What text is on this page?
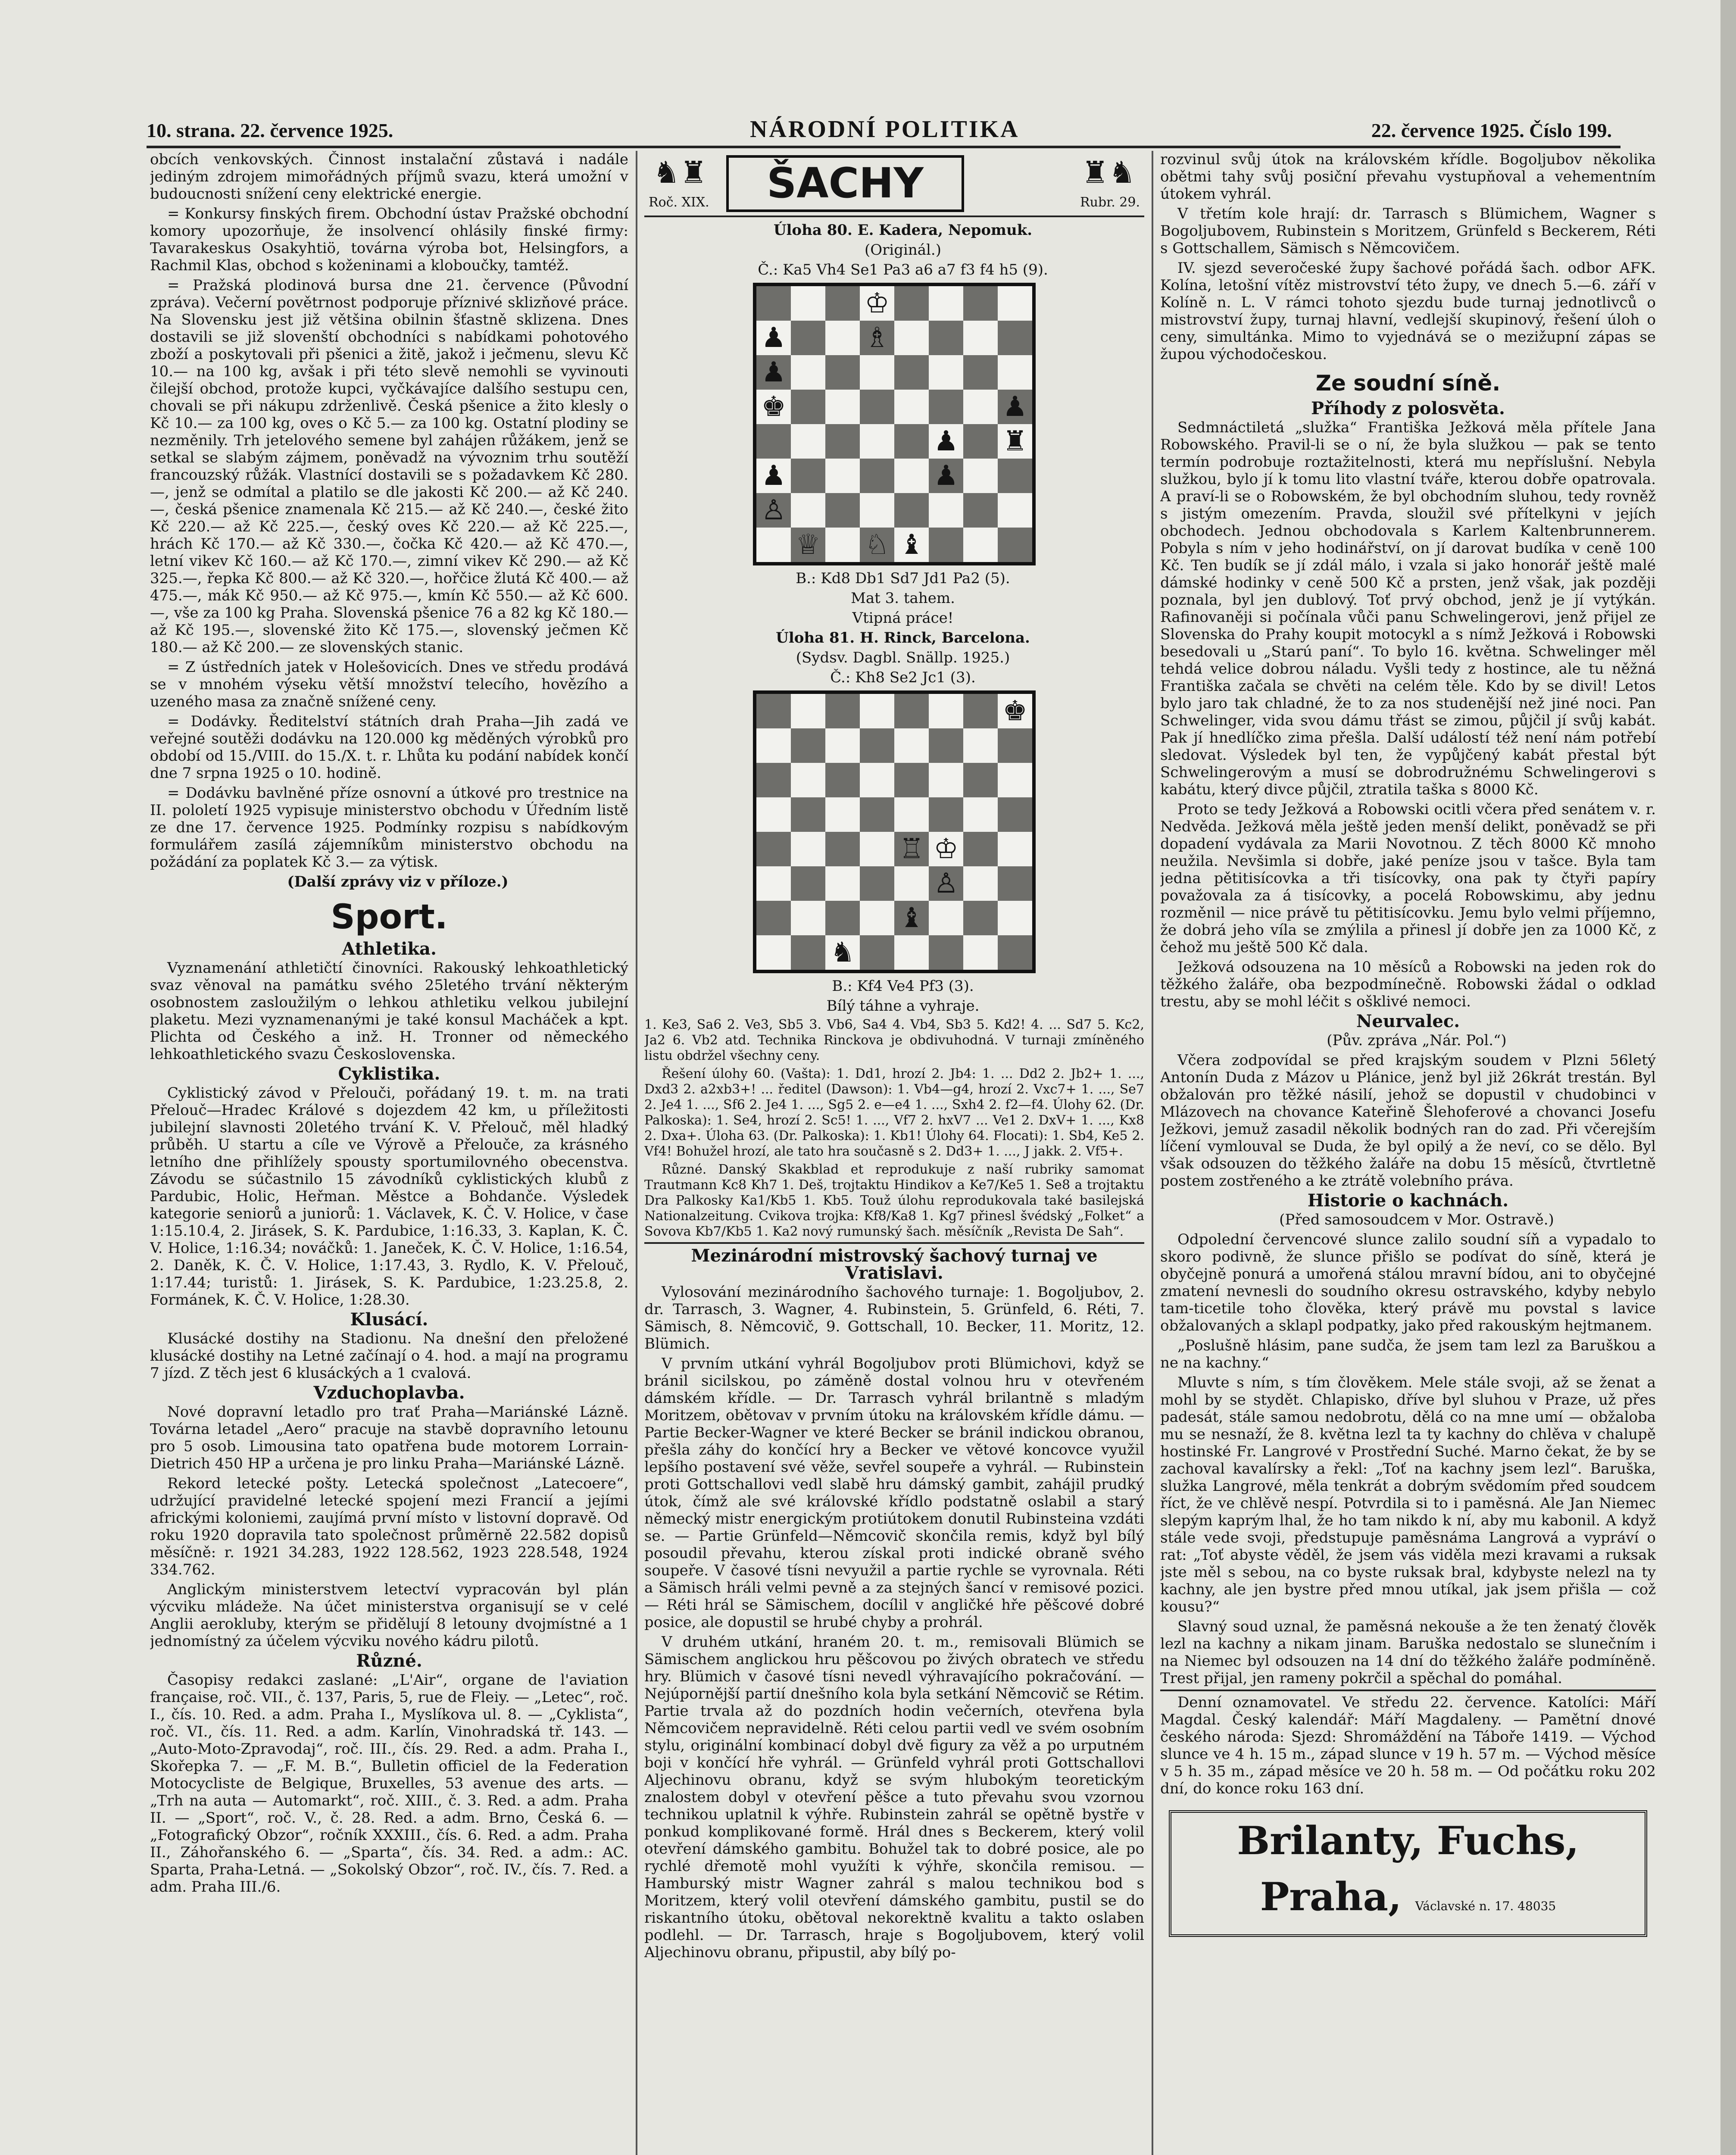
10. strana. 22. července 1925.	NÁRODNÍ POLITIKA	22. července 1925. Číslo 199.

obcích venkovských. Činnost instalační zůstavá i nadále jediným zdrojem mimořádných příjmů svazu, která umožní v budoucnosti snížení ceny elektrické energie.

= Konkursy finských firem. Obchodní ústav Pražské obchodní komory upozorňuje, že insolvencí ohlásily finské firmy: Tavarakeskus Osakyhtiö, továrna výroba bot, Helsingfors, a Rachmil Klas, obchod s koženinami a kloboučky, tamtéž.

= Pražská plodinová bursa dne 21. července (Původní zpráva). Večerní povětrnost podporuje příznivé sklizňové práce. Na Slovensku jest již většina obilnin šťastně sklizena. Dnes dostavili se již slovenští obchodníci s nabídkami pohotového zboží a poskytovali při pšenici a žitě, jakož i ječmenu, slevu Kč 10.— na 100 kg, avšak i při této slevě nemohli se vyvinouti čilejší obchod, protože kupci, vyčkávajíce dalšího sestupu cen, chovali se při nákupu zdrženlivě. Česká pšenice a žito klesly o Kč 10.— za 100 kg, oves o Kč 5.— za 100 kg. Ostatní plodiny se nezměnily. Trh jetelového semene byl zahájen růžákem, jenž se setkal se slabým zájmem, poněvadž na vývoznim trhu soutěží francouzský růžák. Vlastnící dostavili se s požadavkem Kč 280.—, jenž se odmítal a platilo se dle jakosti Kč 200.— až Kč 240.—, česká pšenice znamenala Kč 215.— až Kč 240.—, české žito Kč 220.— až Kč 225.—, český oves Kč 220.— až Kč 225.—, hrách Kč 170.— až Kč 330.—, čočka Kč 420.— až Kč 470.—, letní vikev Kč 160.— až Kč 170.—, zimní vikev Kč 290.— až Kč 325.—, řepka Kč 800.— až Kč 320.—, hořčice žlutá Kč 400.— až 475.—, mák Kč 950.— až Kč 975.—, kmín Kč 550.— až Kč 600.—, vše za 100 kg Praha. Slovenská pšenice 76 a 82 kg Kč 180.— až Kč 195.—, slovenské žito Kč 175.—, slovenský ječmen Kč 180.— až Kč 200.— ze slovenských stanic.

= Z ústředních jatek v Holešovicích. Dnes ve středu prodává se v mnohém výseku větší množství telecího, hovězího a uzeného masa za značně snížené ceny.

= Dodávky. Ředitelství státních drah Praha—Jih zadá ve veřejné soutěži dodávku na 120.000 kg měděných výrobků pro období od 15./VIII. do 15./X. t. r. Lhůta ku podání nabídek končí dne 7 srpna 1925 o 10. hodině.

= Dodávku bavlněné příze osnovní a útkové pro trestnice na II. pololetí 1925 vypisuje ministerstvo obchodu v Úředním listě ze dne 17. července 1925. Podmínky rozpisu s nabídkovým formulářem zasílá zájemníkům ministerstvo obchodu na požádání za poplatek Kč 3.— za výtisk.

(Další zprávy viz v příloze.)

Sport.
Athletika.

Vyznamenání athletičtí činovníci. Rakouský lehkoathletický svaz věnoval na památku svého 25letého trvání některým osobnostem zasloužilým o lehkou athletiku velkou jubilejní plaketu. Mezi vyznamenanými je také konsul Macháček a kpt. Plichta od Českého a inž. H. Tronner od německého lehkoathletického svazu Československa.

Cyklistika.

Cyklistický závod v Přelouči, pořádaný 19. t. m. na trati Přelouč—Hradec Králové s dojezdem 42 km, u příležitosti jubilejní slavnosti 20letého trvání K. V. Přelouč, měl hladký průběh. U startu a cíle ve Výrově a Přelouče, za krásného letního dne přihlížely spousty sportumilovného obecenstva. Závodu se súčastnilo 15 závodníků cyklistických klubů z Pardubic, Holic, Heřman. Městce a Bohdanče. Výsledek kategorie seniorů a juniorů: 1. Václavek, K. Č. V. Holice, v čase 1:15.10.4, 2. Jirásek, S. K. Pardubice, 1:16.33, 3. Kaplan, K. Č. V. Holice, 1:16.34; nováčků: 1. Janeček, K. Č. V. Holice, 1:16.54, 2. Daněk, K. Č. V. Holice, 1:17.43, 3. Rydlo, K. V. Přelouč, 1:17.44; turistů: 1. Jirásek, S. K. Pardubice, 1:23.25.8, 2. Formánek, K. Č. V. Holice, 1:28.30.

Klusácí.

Klusácké dostihy na Stadionu. Na dnešní den přeložené klusácké dostihy na Letné začínají o 4. hod. a mají na programu 7 jízd. Z těch jest 6 klusáckých a 1 cvalová.

Vzduchoplavba.

Nové dopravní letadlo pro trať Praha—Mariánské Lázně. Továrna letadel „Aero“ pracuje na stavbě dopravního letounu pro 5 osob. Limousina tato opatřena bude motorem Lorrain-Dietrich 450 HP a určena je pro linku Praha—Mariánské Lázně.

Rekord letecké pošty. Letecká společnost „Latecoere“, udržující pravidelné letecké spojení mezi Francií a jejími africkými koloniemi, zaujímá první místo v listovní dopravě. Od roku 1920 dopravila tato společnost průměrně 22.582 dopisů měsíčně: r. 1921 34.283, 1922 128.562, 1923 228.548, 1924 334.762.

Anglickým ministerstvem letectví vypracován byl plán výcviku mládeže. Na účet ministerstva organisují se v celé Anglii aerokluby, kterým se přidělují 8 letouny dvojmístné a 1 jednomístný za účelem výcviku nového kádru pilotů.

Různé.

Časopisy redakci zaslané: „L'Air“, organe de l'aviation française, roč. VII., č. 137, Paris, 5, rue de Fleiy. — „Letec“, roč. I., čís. 10. Red. a adm. Praha I., Myslíkova ul. 8. — „Cyklista“, roč. VI., čís. 11. Red. a adm. Karlín, Vinohradská tř. 143. — „Auto-Moto-Zpravodaj“, roč. III., čís. 29. Red. a adm. Praha I., Skořepka 7. — „F. M. B.“, Bulletin officiel de la Federation Motocycliste de Belgique, Bruxelles, 53 avenue des arts. — „Trh na auta — Automarkt“, roč. XIII., č. 3. Red. a adm. Praha II. — „Sport“, roč. V., č. 28. Red. a adm. Brno, Česká 6. — „Fotografický Obzor“, ročník XXXIII., čís. 6. Red. a adm. Praha II., Záhořanského 6. — „Sparta“, čís. 34. Red. a adm.: AC. Sparta, Praha-Letná. — „Sokolský Obzor“, roč. IV., čís. 7. Red. a adm. Praha III./6.

♞♜	ŠACHY	♜♞
Roč. XIX.	Rubr. 29.

Úloha 80. E. Kadera, Nepomuk.

(Originál.)

Č.: Ka5 Vh4 Se1 Pa3 a6 a7 f3 f4 h5 (9).

♔
♟	♗
♟
♚	♟
♟ ♜
♟	♟
♙
♕ ♘ ♝

B.: Kd8 Db1 Sd7 Jd1 Pa2 (5).

Mat 3. tahem.

Vtipná práce!

Úloha 81. H. Rinck, Barcelona.

(Sydsv. Dagbl. Snällp. 1925.)

Č.: Kh8 Se2 Jc1 (3).

♚
♖ ♔
♙
♝
♞

B.: Kf4 Ve4 Pf3 (3).

Bílý táhne a vyhraje.

1. Ke3, Sa6 2. Ve3, Sb5 3. Vb6, Sa4 4. Vb4, Sb3 5. Kd2! 4. ... Sd7 5. Kc2, Ja2 6. Vb2 atd. Technika Rinckova je obdivuhodná. V turnaji zmíněného listu obdržel všechny ceny.

Řešení úlohy 60. (Vašta): 1. Dd1, hrozí 2. Jb4: 1. ... Dd2 2. Jb2+ 1. ..., Dxd3 2. a2xb3+! ... ředitel (Dawson): 1. Vb4—g4, hrozí 2. Vxc7+ 1. ..., Se7 2. Je4 1. ..., Sf6 2. Je4 1. ..., Sg5 2. e—e4 1. ..., Sxh4 2. f2—f4. Úlohy 62. (Dr. Palkoska): 1. Se4, hrozí 2. Sc5! 1. ..., Vf7 2. hxV7 ... Ve1 2. DxV+ 1. ..., Kx8 2. Dxa+. Úloha 63. (Dr. Palkoska): 1. Kb1! Úlohy 64. Flocati): 1. Sb4, Ke5 2. Vf4! Bohužel hrozí, ale tato hra současně s 2. Dd3+ 1. ..., J jakk. 2. Vf5+.

Různé. Danský Skakblad et reprodukuje z naší rubriky samomat Trautmann Kc8 Kh7 1. Deš, trojtaktu Hindikov a Ke7/Ke5 1. Se8 a trojtaktu Dra Palkosky Ka1/Kb5 1. Kb5. Touž úlohu reprodukovala také basilejská Nationalzeitung. Cvikova trojka: Kf8/Ka8 1. Kg7 přinesl švédský „Folket“ a Sovova Kb7/Kb5 1. Ka2 nový rumunský šach. měsíčník „Revista De Sah“.

Mezinárodní mistrovský šachový turnaj ve Vratislavi.

Vylosování mezinárodního šachového turnaje: 1. Bogoljubov, 2. dr. Tarrasch, 3. Wagner, 4. Rubinstein, 5. Grünfeld, 6. Réti, 7. Sämisch, 8. Němcovič, 9. Gottschall, 10. Becker, 11. Moritz, 12. Blümich.

V prvním utkání vyhrál Bogoljubov proti Blümichovi, když se bránil sicilskou, po záměně dostal volnou hru v otevřeném dámském křídle. — Dr. Tarrasch vyhrál brilantně s mladým Moritzem, obětovav v prvním útoku na královském křídle dámu. — Partie Becker-Wagner ve které Becker se bránil indickou obranou, přešla záhy do končící hry a Becker ve větové koncovce využil lepšího postavení své věže, sevřel soupeře a vyhrál. — Rubinstein proti Gottschallovi vedl slabě hru dámský gambit, zahájil prudký útok, čímž ale své královské křídlo podstatně oslabil a starý německý mistr energickým protiútokem donutil Rubinsteina vzdáti se. — Partie Grünfeld—Němcovič skončila remis, když byl bílý posoudil převahu, kterou získal proti indické obraně svého soupeře. V časové tísni nevyužil a partie rychle se vyrovnala. Réti a Sämisch hráli velmi pevně a za stejných šancí v remisové pozici. — Réti hrál se Sämischem, docílil v angličké hře pěšcové dobré posice, ale dopustil se hrubé chyby a prohrál.

V druhém utkání, hraném 20. t. m., remisovali Blümich se Sämischem anglickou hru pěšcovou po živých obratech ve středu hry. Blümich v časové tísni nevedl výhravajícího pokračování. — Nejúpornější partií dnešního kola byla setkání Němcovič se Rétim. Partie trvala až do pozdních hodin večerních, otevřena byla Němcovičem nepravidelně. Réti celou partii vedl ve svém osobním stylu, originální kombinací dobyl dvě figury za věž a po urputném boji v končící hře vyhrál. — Grünfeld vyhrál proti Gottschallovi Aljechinovu obranu, když se svým hlubokým teoretickým znalostem dobyl v otevření pěšce a tuto převahu svou vzornou technikou uplatnil k výhře. Rubinstein zahrál se opětně bystře v ponkud komplikované formě. Hrál dnes s Beckerem, který volil otevření dámského gambitu. Bohužel tak to dobré posice, ale po rychlé dřemotě mohl využíti k výhře, skončila remisou. — Hamburský mistr Wagner zahrál s malou technikou bod s Moritzem, který volil otevření dámského gambitu, pustil se do riskantního útoku, obětoval nekorektně kvalitu a takto oslaben podlehl. — Dr. Tarrasch, hraje s Bogoljubovem, který volil Aljechinovu obranu, připustil, aby bílý po-

rozvinul svůj útok na královském křídle. Bogoljubov několika obětmi tahy svůj posiční převahu vystupňoval a vehementním útokem vyhrál.

V třetím kole hrají: dr. Tarrasch s Blümichem, Wagner s Bogoljubovem, Rubinstein s Moritzem, Grünfeld s Beckerem, Réti s Gottschallem, Sämisch s Němcovičem.

IV. sjezd severočeské župy šachové pořádá šach. odbor AFK. Kolína, letošní vítěz mistrovství této župy, ve dnech 5.—6. září v Kolíně n. L. V rámci tohoto sjezdu bude turnaj jednotlivců o mistrovství župy, turnaj hlavní, vedlejší skupinový, řešení úloh o ceny, simultánka. Mimo to vyjednává se o mezižupní zápas se župou východočeskou.

Ze soudní síně.
Příhody z polosvěta.

Sedmnáctiletá „služka“ Františka Ježková měla přítele Jana Robowského. Pravil-li se o ní, že byla služkou — pak se tento termín podrobuje roztažitelnosti, která mu nepříslušní. Nebyla služkou, bylo jí k tomu lito vlastní tváře, kterou dobře opatrovala. A praví-li se o Robowském, že byl obchodním sluhou, tedy rovněž s jistým omezením. Pravda, sloužil své přítelkyni v jejích obchodech. Jednou obchodovala s Karlem Kaltenbrunnerem. Pobyla s ním v jeho hodinářství, on jí darovat budíka v ceně 100 Kč. Ten budík se jí zdál málo, i vzala si jako honorář ještě malé dámské hodinky v ceně 500 Kč a prsten, jenž však, jak později poznala, byl jen dublový. Toť prvý obchod, jenž je jí vytýkán. Rafinovaněji si počínala vůči panu Schwelingerovi, jenž přijel ze Slovenska do Prahy koupit motocykl a s nímž Ježková i Robowski besedovali u „Starú paní“. To bylo 16. května. Schwelinger měl tehdá velice dobrou náladu. Vyšli tedy z hostince, ale tu něžná Františka začala se chvěti na celém těle. Kdo by se divil! Letos bylo jaro tak chladné, že to za nos studenější než jiné noci. Pan Schwelinger, vida svou dámu třást se zimou, půjčil jí svůj kabát. Pak jí hnedlíčko zima přešla. Další událostí též není nám potřebí sledovat. Výsledek byl ten, že vypůjčený kabát přestal být Schwelingerovým a musí se dobrodružnému Schwelingerovi s kabátu, který divce půjčil, ztratila taška s 8000 Kč.

Proto se tedy Ježková a Robowski ocitli včera před senátem v. r. Nedvěda. Ježková měla ještě jeden menší delikt, poněvadž se při dopadení vydávala za Marii Novotnou. Z těch 8000 Kč mnoho neužila. Nevšimla si dobře, jaké peníze jsou v tašce. Byla tam jedna pětitisícovka a tři tisícovky, ona pak ty čtyři papíry považovala za á tisícovky, a pocelá Robowskimu, aby jednu rozměnil — nice právě tu pětitisícovku. Jemu bylo velmi příjemno, že dobrá jeho víla se zmýlila a přinesl jí dobře jen za 1000 Kč, z čehož mu ještě 500 Kč dala.

Ježková odsouzena na 10 měsíců a Robowski na jeden rok do těžkého žaláře, oba bezpodmínečně. Robowski žádal o odklad trestu, aby se mohl léčit s ošklivé nemoci.

Neurvalec.

(Pův. zpráva „Nár. Pol.“)

Včera zodpovídal se před krajským soudem v Plzni 56letý Antonín Duda z Mázov u Plánice, jenž byl již 26krát trestán. Byl obžalován pro těžké násilí, jehož se dopustil v chudobinci v Mlázovech na chovance Kateřině Šlehoferové a chovanci Josefu Ježkovi, jemuž zasadil několik bodných ran do zad. Při včerejším líčení vymlouval se Duda, že byl opilý a že neví, co se dělo. Byl však odsouzen do těžkého žaláře na dobu 15 měsíců, čtvrtletně postem zostřeného a ke ztrátě volebního práva.

Historie o kachnách.

(Před samosoudcem v Mor. Ostravě.)

Odpolední červencové slunce zalilo soudní síň a vypadalo to skoro podivně, že slunce přišlo se podívat do síně, která je obyčejně ponurá a umořená stálou mravní bídou, ani to obyčejné zmatení nevnesli do soudního okresu ostravského, kdyby nebylo tam-ticetile toho člověka, který právě mu povstal s lavice obžalovaných a sklapl podpatky, jako před rakouským hejtmanem.

„Poslušně hlásim, pane sudča, že jsem tam lezl za Baruškou a ne na kachny.“

Mluvte s ním, s tím člověkem. Mele stále svoji, až se ženat a mohl by se stydět. Chlapisko, dříve byl sluhou v Praze, už přes padesát, stále samou nedobrotu, dělá co na mne umí — obžaloba mu se nesnaží, že 8. května lezl ta ty kachny do chlěva v chalupě hostinské Fr. Langrové v Prostřední Suché. Marno čekat, že by se zachoval kavalírsky a řekl: „Toť na kachny jsem lezl“. Baruška, služka Langrové, měla tenkrát a dobrým svědomím před soudcem říct, že ve chlěvě nespí. Potvrdila si to i paměsná. Ale Jan Niemec slepým kaprým lhal, že ho tam nikdo k ní, aby mu kabonil. A když stále vede svoji, předstupuje paměsnáma Langrová a vypráví o rat: „Toť abyste věděl, že jsem vás viděla mezi kravami a ruksak jste měl s sebou, na co byste ruksak bral, kdybyste nelezl na ty kachny, ale jen bystre před mnou utíkal, jak jsem přišla — což kousu?“

Slavný soud uznal, že paměsná nekouše a že ten ženatý člověk lezl na kachny a nikam jinam. Baruška nedostalo se slunečním i na Niemec byl odsouzen na 14 dní do těžkého žaláře podmíněně. Trest přijal, jen rameny pokrčil a spěchal do pomáhal.

Denní oznamovatel. Ve středu 22. července. Katolíci: Máří Magdal. Český kalendář: Máří Magdaleny. — Pamětní dnové českého národa: Sjezd: Shromáždění na Táboře 1419. — Východ slunce ve 4 h. 15 m., západ slunce v 19 h. 57 m. — Východ měsíce v 5 h. 35 m., západ měsíce ve 20 h. 58 m. — Od počátku roku 202 dní, do konce roku 163 dní.

Brilanty, Fuchs, Praha, Václavské n. 17. 48035
